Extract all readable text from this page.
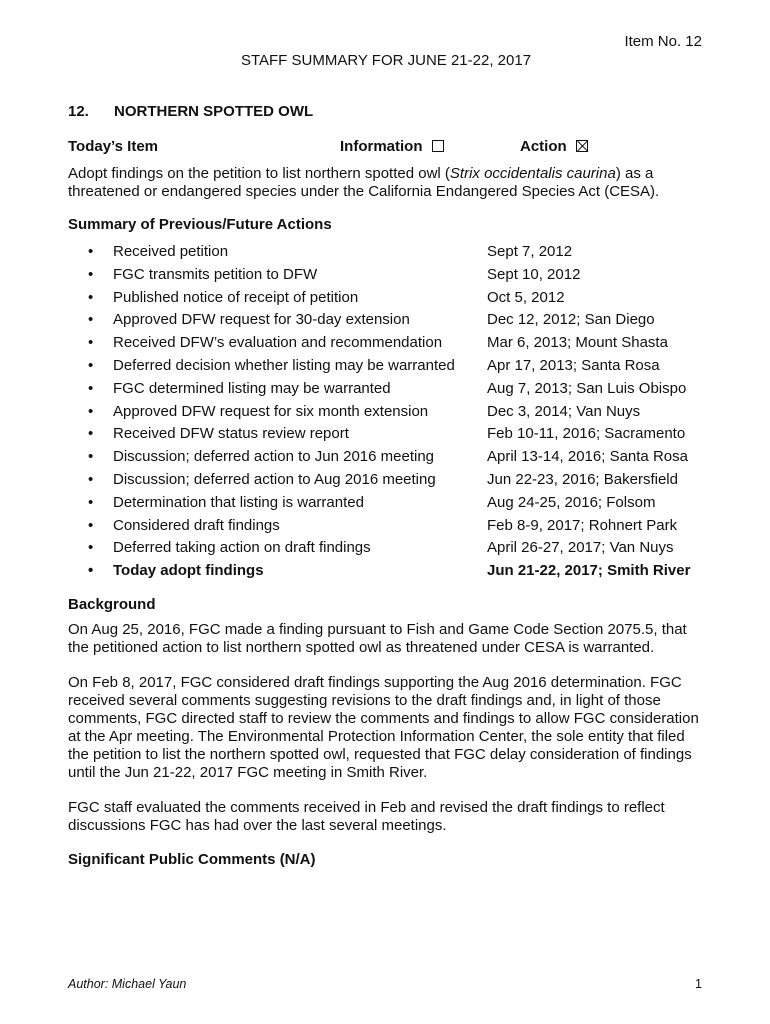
Item No. 12
STAFF SUMMARY FOR JUNE 21-22, 2017
12. NORTHERN SPOTTED OWL
Today’s Item	Information	Action

Adopt findings on the petition to list northern spotted owl (Strix occidentalis caurina) as a threatened or endangered species under the California Endangered Species Act (CESA).

Summary of Previous/Future Actions
• Received petition	Sept 7, 2012
• FGC transmits petition to DFW	Sept 10, 2012
• Published notice of receipt of petition	Oct 5, 2012
• Approved DFW request for 30-day extension	Dec 12, 2012; San Diego
• Received DFW’s evaluation and recommendation	Mar 6, 2013; Mount Shasta
• Deferred decision whether listing may be warranted Apr 17, 2013; Santa Rosa
• FGC determined listing may be warranted	Aug 7, 2013; San Luis Obispo
• Approved DFW request for six month extension	Dec 3, 2014; Van Nuys
• Received DFW status review report	Feb 10-11, 2016; Sacramento
• Discussion; deferred action to Jun 2016 meeting	April 13-14, 2016; Santa Rosa
• Discussion; deferred action to Aug 2016 meeting	Jun 22-23, 2016; Bakersfield
• Determination that listing is warranted	Aug 24-25, 2016; Folsom
• Considered draft findings	Feb 8-9, 2017; Rohnert Park
• Deferred taking action on draft findings	April 26-27, 2017; Van Nuys
• Today adopt findings	Jun 21-22, 2017; Smith River
Background

On Aug 25, 2016, FGC made a finding pursuant to Fish and Game Code Section 2075.5, that the petitioned action to list northern spotted owl as threatened under CESA is warranted.

On Feb 8, 2017, FGC considered draft findings supporting the Aug 2016 determination. FGC received several comments suggesting revisions to the draft findings and, in light of those comments, FGC directed staff to review the comments and findings to allow FGC consideration at the Apr meeting. The Environmental Protection Information Center, the sole entity that filed the petition to list the northern spotted owl, requested that FGC delay consideration of findings until the Jun 21-22, 2017 FGC meeting in Smith River.

FGC staff evaluated the comments received in Feb and revised the draft findings to reflect discussions FGC has had over the last several meetings.

Significant Public Comments (N/A)
Author: Michael Yaun	1
